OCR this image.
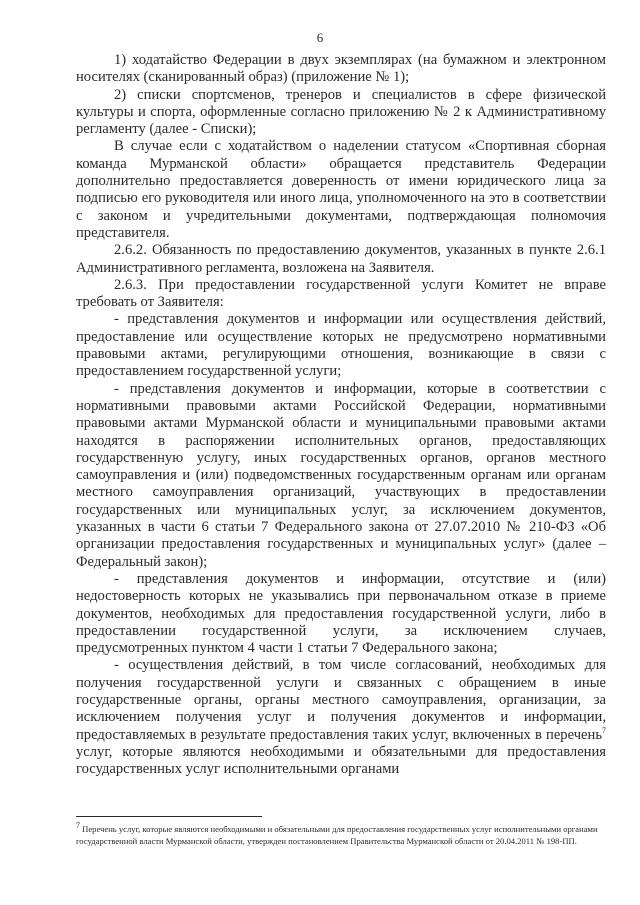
6

1) ходатайство Федерации в двух экземплярах (на бумажном и электронном носителях (сканированный образ) (приложение № 1);

2) списки спортсменов, тренеров и специалистов в сфере физической культуры и спорта, оформленные согласно приложению № 2 к Административному регламенту (далее - Списки);

В случае если с ходатайством о наделении статусом «Спортивная сборная команда Мурманской области» обращается представитель Федерации дополнительно предоставляется доверенность от имени юридического лица за подписью его руководителя или иного лица, уполномоченного на это в соответствии с законом и учредительными документами, подтверждающая полномочия представителя.

2.6.2. Обязанность по предоставлению документов, указанных в пункте 2.6.1 Административного регламента, возложена на Заявителя.

2.6.3. При предоставлении государственной услуги Комитет не вправе требовать от Заявителя:

- представления документов и информации или осуществления действий, предоставление или осуществление которых не предусмотрено нормативными правовыми актами, регулирующими отношения, возникающие в связи с предоставлением государственной услуги;

- представления документов и информации, которые в соответствии с нормативными правовыми актами Российской Федерации, нормативными правовыми актами Мурманской области и муниципальными правовыми актами находятся в распоряжении исполнительных органов, предоставляющих государственную услугу, иных государственных органов, органов местного самоуправления и (или) подведомственных государственным органам или органам местного самоуправления организаций, участвующих в предоставлении государственных или муниципальных услуг, за исключением документов, указанных в части 6 статьи 7 Федерального закона от 27.07.2010 № 210-ФЗ «Об организации предоставления государственных и муниципальных услуг» (далее – Федеральный закон);

- представления документов и информации, отсутствие и (или) недостоверность которых не указывались при первоначальном отказе в приеме документов, необходимых для предоставления государственной услуги, либо в предоставлении государственной услуги, за исключением случаев, предусмотренных пунктом 4 части 1 статьи 7 Федерального закона;

- осуществления действий, в том числе согласований, необходимых для получения государственной услуги и связанных с обращением в иные государственные органы, органы местного самоуправления, организации, за исключением получения услуг и получения документов и информации, предоставляемых в результате предоставления таких услуг, включенных в перечень$^7$ услуг, которые являются необходимыми и обязательными для предоставления государственных услуг исполнительными органами

$^7$ Перечень услуг, которые являются необходимыми и обязательными для предоставления государственных услуг исполнительными органами государственной власти Мурманской области, утвержден постановлением Правительства Мурманской области от 20.04.2011 № 198-ПП.
